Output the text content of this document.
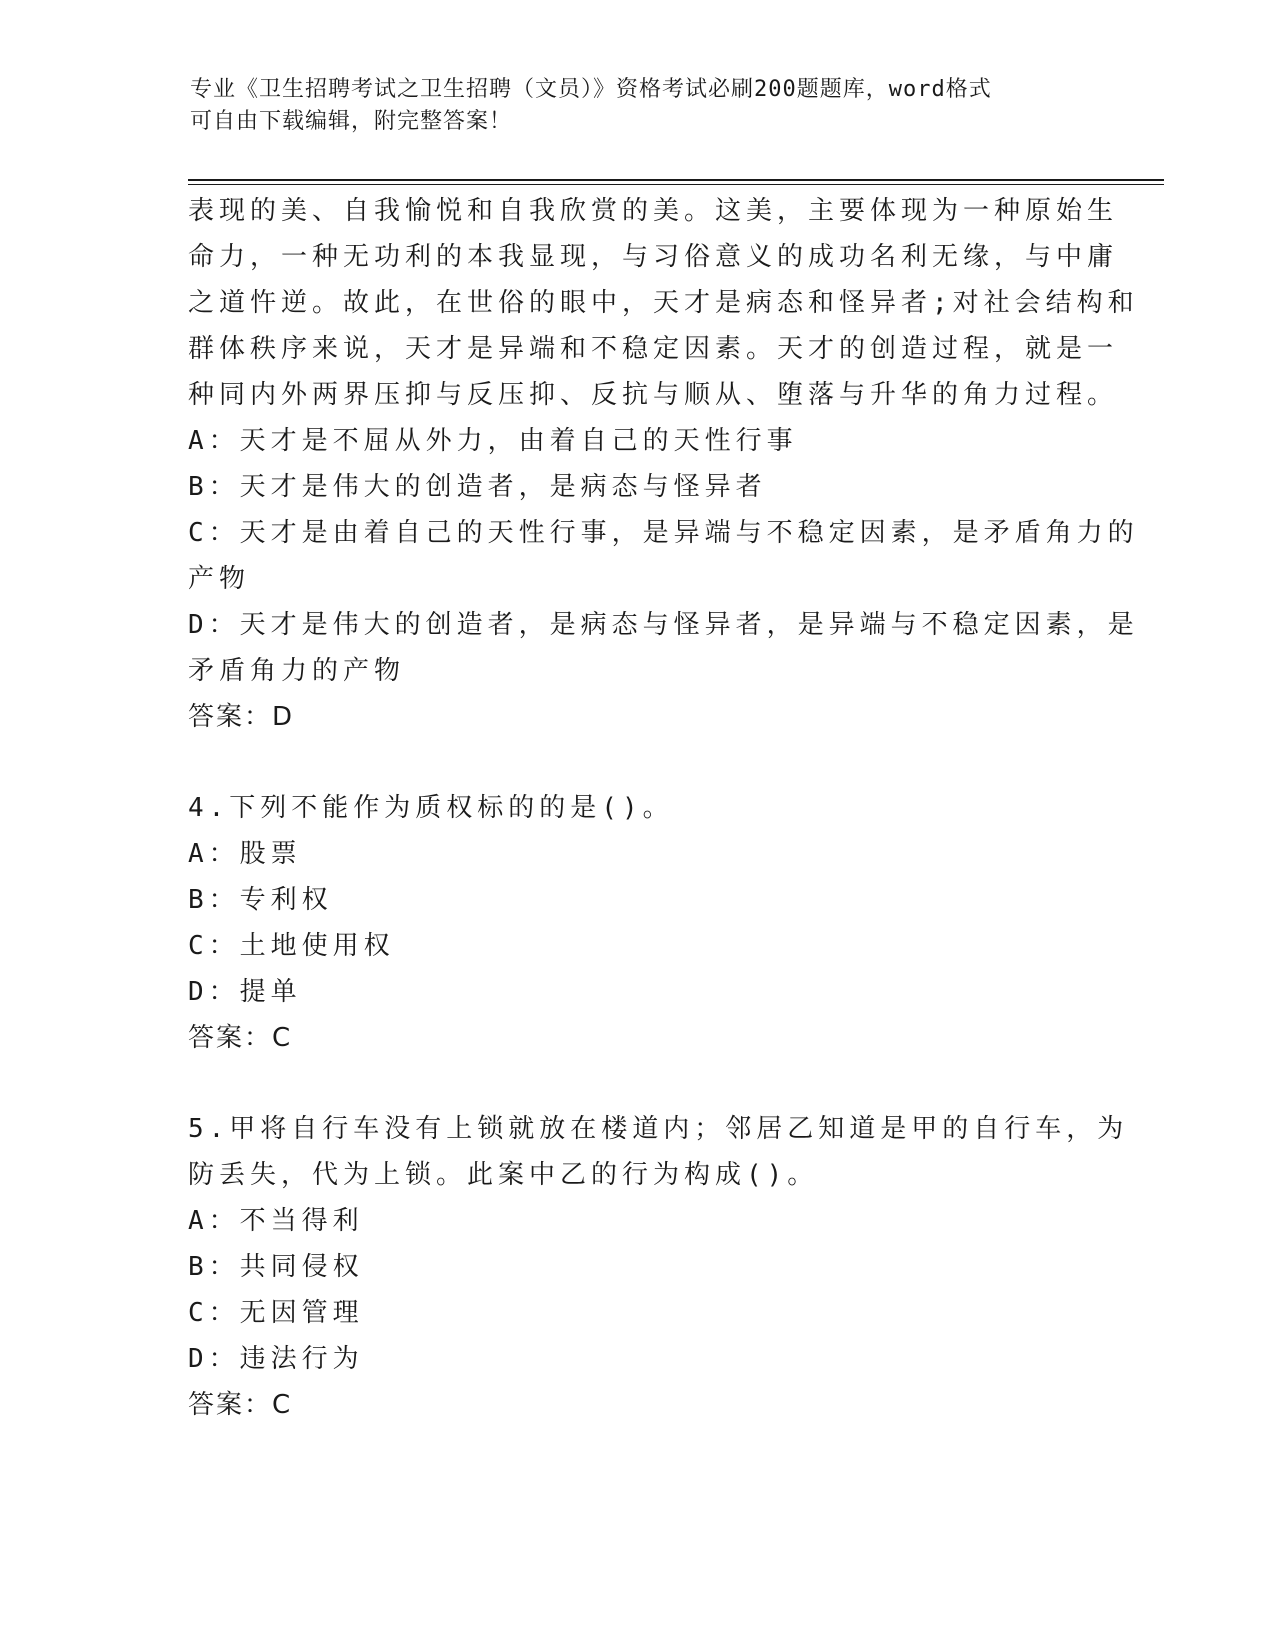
专业《卫生招聘考试之卫生招聘（文员）》资格考试必刷200题题库，word格式
可自由下载编辑，附完整答案！
表现的美、自我愉悦和自我欣赏的美。这美，主要体现为一种原始生
命力，一种无功利的本我显现，与习俗意义的成功名利无缘，与中庸
之道忤逆。故此，在世俗的眼中，天才是病态和怪异者;对社会结构和
群体秩序来说，天才是异端和不稳定因素。天才的创造过程，就是一
种同内外两界压抑与反压抑、反抗与顺从、堕落与升华的角力过程。
A：天才是不屈从外力，由着自己的天性行事
B：天才是伟大的创造者，是病态与怪异者
C：天才是由着自己的天性行事，是异端与不稳定因素，是矛盾角力的
产物
D：天才是伟大的创造者，是病态与怪异者，是异端与不稳定因素，是
矛盾角力的产物
答案：D
4.下列不能作为质权标的的是()。
A：股票
B：专利权
C：土地使用权
D：提单
答案：C
5.甲将自行车没有上锁就放在楼道内；邻居乙知道是甲的自行车，为
防丢失，代为上锁。此案中乙的行为构成()。
A：不当得利
B：共同侵权
C：无因管理
D：违法行为
答案：C
